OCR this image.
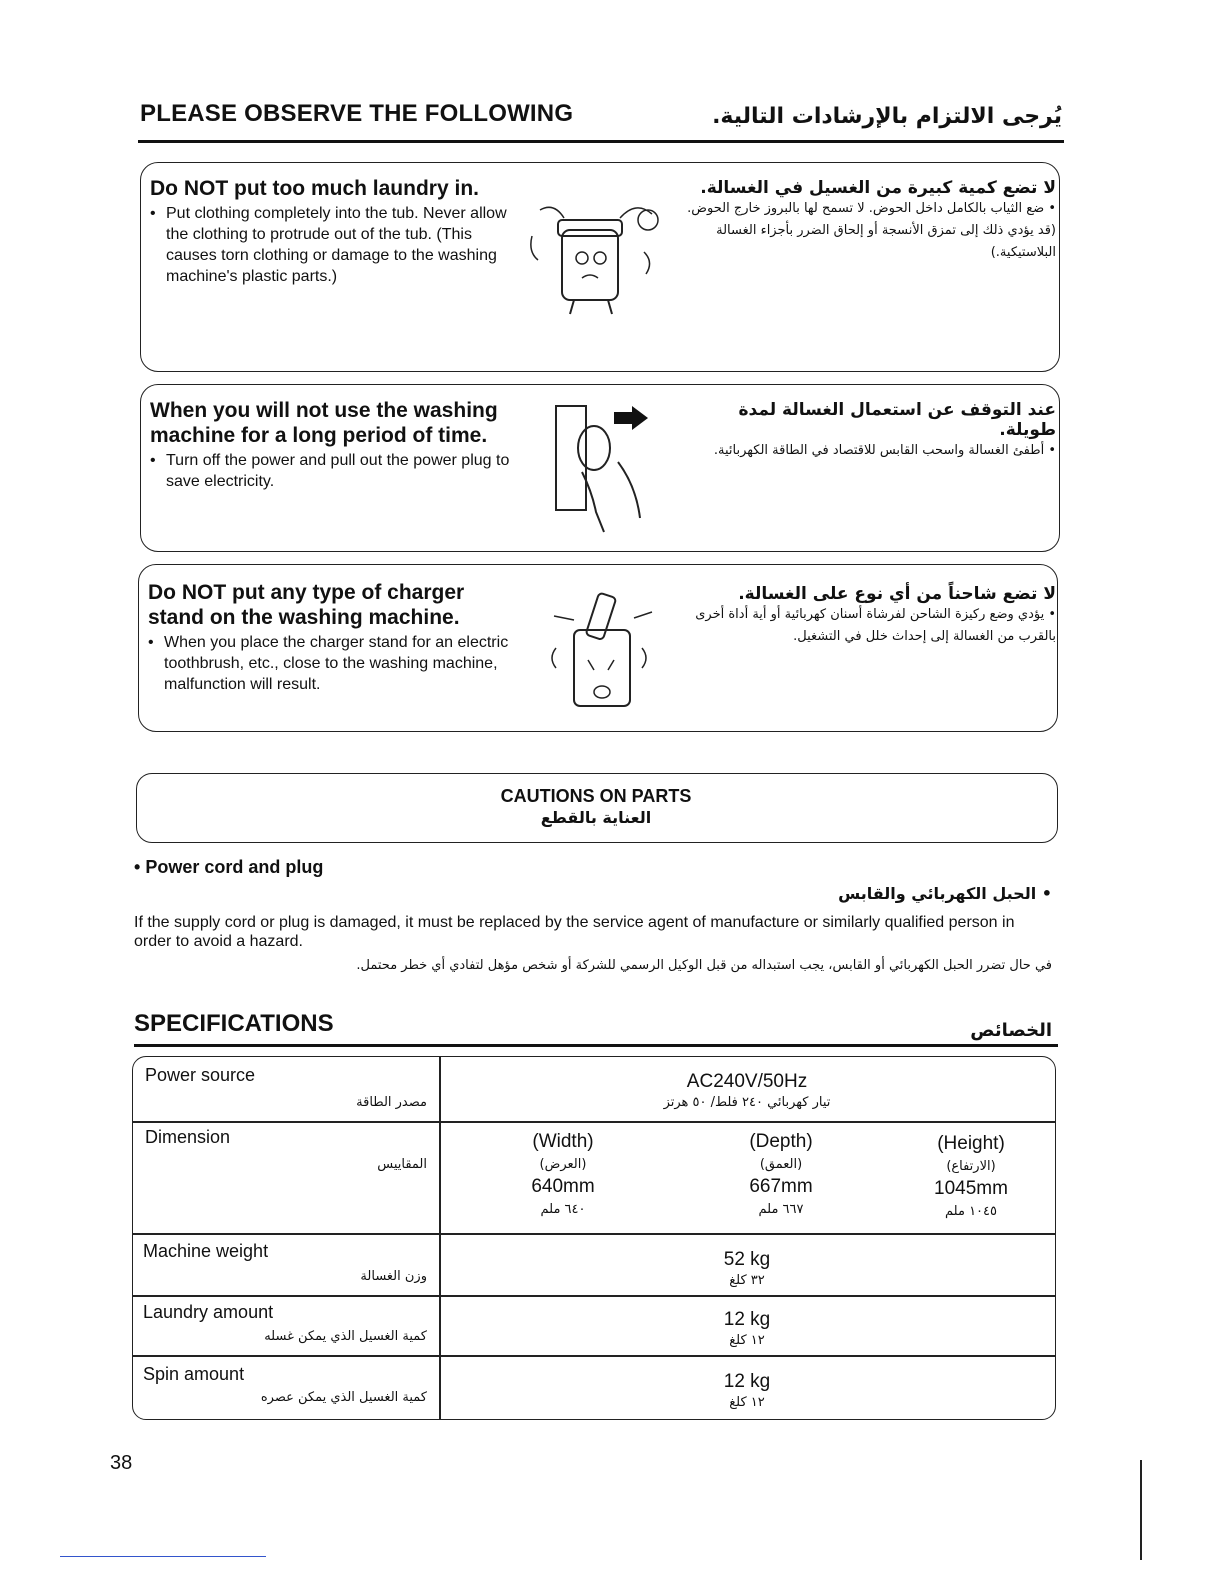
PLEASE OBSERVE THE FOLLOWING	يُرجى الالتزام بالإرشادات التالية.
Do NOT put too much laundry in.
• Put clothing completely into the tub. Never allow the clothing to protrude out of the tub. (This causes torn clothing or damage to the washing machine's plastic parts.)
لا تضع كمية كبيرة من الغسيل في الغسالة.
• ضع الثياب بالكامل داخل الحوض. لا تسمح لها بالبروز خارج الحوض. (قد يؤدي ذلك إلى تمزق الأنسجة أو إلحاق الضرر بأجزاء الغسالة البلاستيكية.)
When you will not use the washing machine for a long period of time.
• Turn off the power and pull out the power plug to save electricity.
عند التوقف عن استعمال الغسالة لمدة طويلة.
• أطفئ الغسالة واسحب القابس للاقتصاد في الطاقة الكهربائية.
Do NOT put any type of charger stand on the washing machine.
• When you place the charger stand for an electric toothbrush, etc., close to the washing machine, malfunction will result.
لا تضع شاحناً من أي نوع على الغسالة.
• يؤدي وضع ركيزة الشاحن لفرشاة أسنان كهربائية أو أية أداة أخرى بالقرب من الغسالة إلى إحداث خلل في التشغيل.
CAUTIONS ON PARTS
العناية بالقطع
• Power cord and plug
• الحبل الكهربائي والقابس
If the supply cord or plug is damaged, it must be replaced by the service agent of manufacture or similarly qualified person in order to avoid a hazard.
في حال تضرر الحبل الكهربائي أو القابس، يجب استبداله من قبل الوكيل الرسمي للشركة أو شخص مؤهل لتفادي أي خطر محتمل.
SPECIFICATIONS	الخصائص
Power source
مصدر الطاقة
AC240V/50Hz
تيار كهربائي ٢٤٠ فلط/ ٥٠ هرتز
Dimension
المقاييس
(Width)
(العرض)
640mm
٦٤٠ ملم
(Depth)
(العمق)
667mm
٦٦٧ ملم
(Height)
(الارتفاع)
1045mm
١٠٤٥ ملم
Machine weight
وزن الغسالة
52 kg
٣٢ كلغ
Laundry amount
كمية الغسيل الذي يمكن غسله
12 kg
١٢ كلغ
Spin amount
كمية الغسيل الذي يمكن عصره
12 kg
١٢ كلغ
38
